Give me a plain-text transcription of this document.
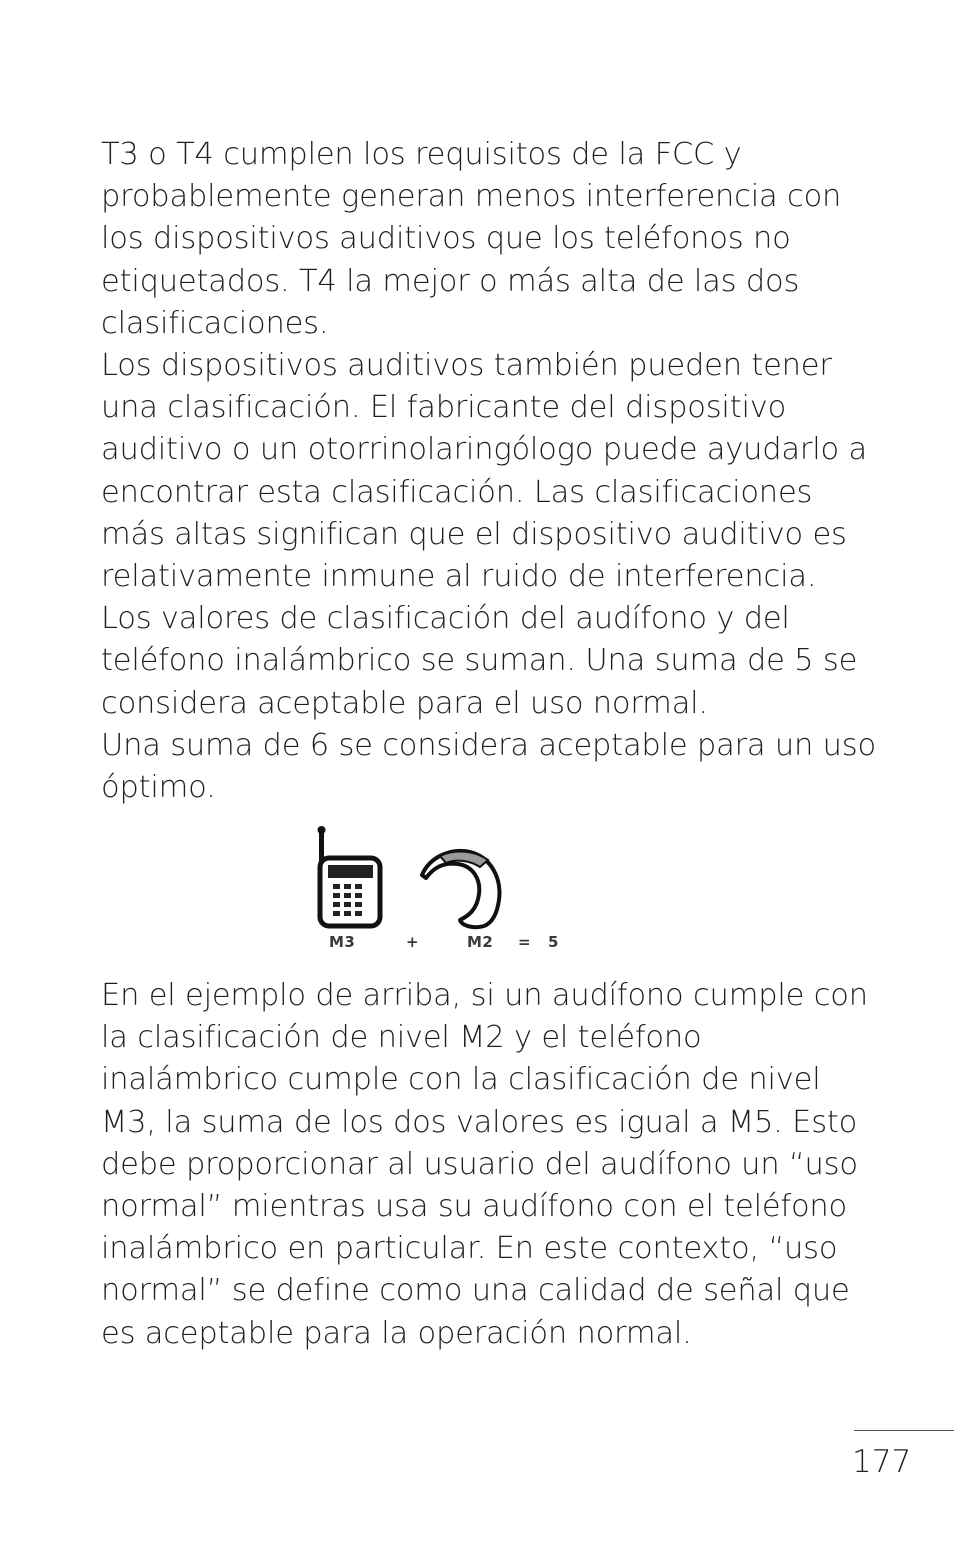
T3 o T4 cumplen los requisitos de la FCC y probablemente generan menos interferencia con los dispositivos auditivos que los teléfonos no etiquetados. T4 la mejor o más alta de las dos clasificaciones.

Los dispositivos auditivos también pueden tener una clasificación. El fabricante del dispositivo auditivo o un otorrinolaringólogo puede ayudarlo a encontrar esta clasificación. Las clasificaciones más altas significan que el dispositivo auditivo es relativamente inmune al ruido de interferencia.

Los valores de clasificación del audífono y del teléfono inalámbrico se suman. Una suma de 5 se considera aceptable para el uso normal.

Una suma de 6 se considera aceptable para un uso óptimo.

M3	+	M2 = 5

En el ejemplo de arriba, si un audífono cumple con la clasificación de nivel M2 y el teléfono inalámbrico cumple con la clasificación de nivel M3, la suma de los dos valores es igual a M5. Esto debe proporcionar al usuario del audífono un “uso normal” mientras usa su audífono con el teléfono inalámbrico en particular. En este contexto, “uso normal” se define como una calidad de señal que es aceptable para la operación normal.

177
